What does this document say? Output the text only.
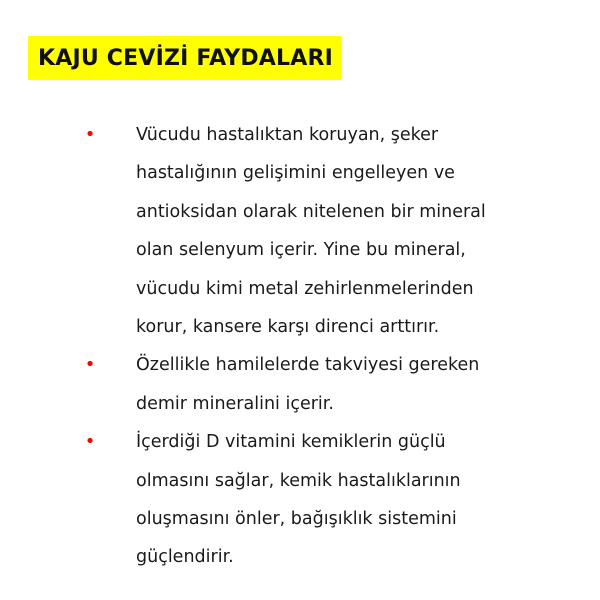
KAJU CEVİZİ FAYDALARI
• Vücudu hastalıktan koruyan, şeker
hastalığının gelişimini engelleyen ve
antioksidan olarak nitelenen bir mineral
olan selenyum içerir. Yine bu mineral,
vücudu kimi metal zehirlenmelerinden
korur, kansere karşı direnci arttırır.
• Özellikle hamilelerde takviyesi gereken
demir mineralini içerir.
• İçerdiği D vitamini kemiklerin güçlü
olmasını sağlar, kemik hastalıklarının
oluşmasını önler, bağışıklık sistemini
güçlendirir.
